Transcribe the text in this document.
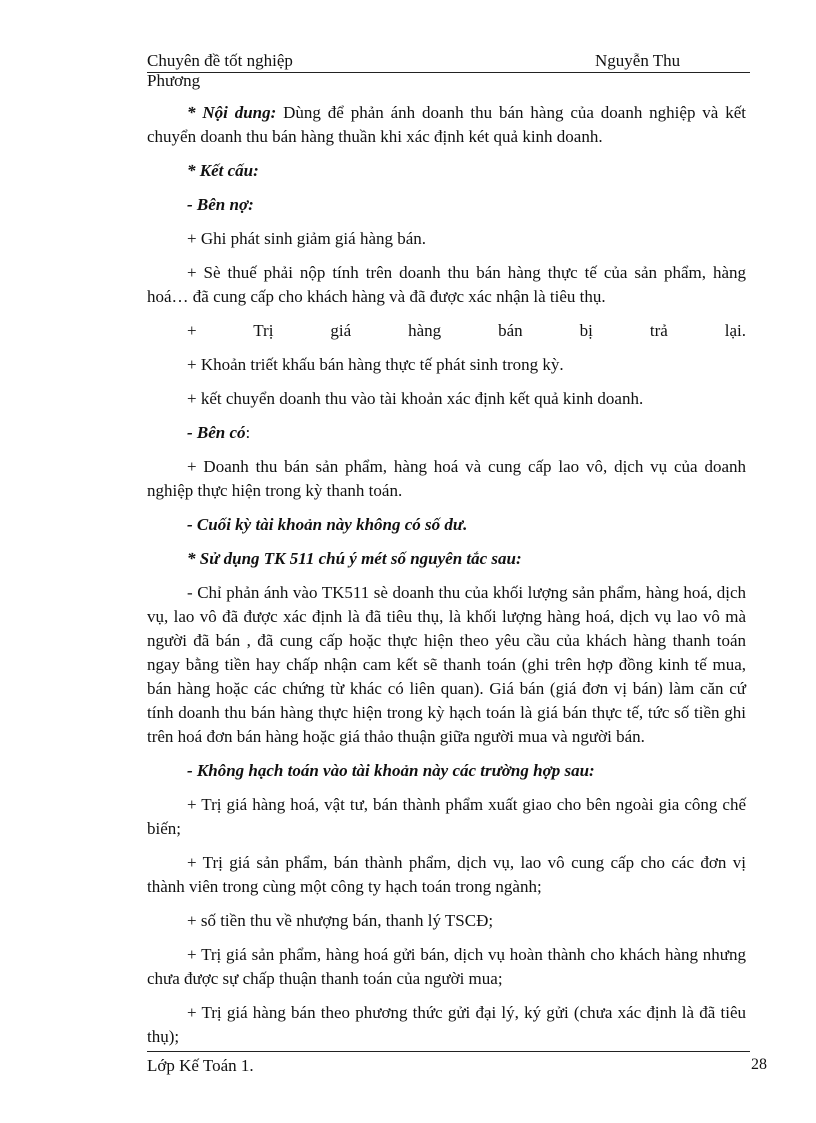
Chuyên đề tốt nghiệp	Nguyễn Thu
Phương

* Nội dung: Dùng để phản ánh doanh thu bán hàng của doanh nghiệp và kết chuyển doanh thu bán hàng thuần khi xác định két quả kinh doanh.

* Kết cấu:

- Bên nợ:

+ Ghi phát sinh giảm giá hàng bán.

+ Sè thuế phải nộp tính trên doanh thu bán hàng thực tế của sản phẩm, hàng hoá… đã cung cấp cho khách hàng và đã được xác nhận là tiêu thụ.

+ Trị giá hàng bán bị trả lại.

+ Khoản triết khấu bán hàng thực tế phát sinh trong kỳ.

+ kết chuyển doanh thu vào tài khoản xác định kết quả kinh doanh.

- Bên có:

+ Doanh thu bán sản phẩm, hàng hoá và cung cấp lao vô, dịch vụ của doanh nghiệp thực hiện trong kỳ thanh toán.

- Cuối kỳ tài khoản này không có số dư.

* Sử dụng TK 511 chú ý mét số nguyên tắc sau:

- Chỉ phản ánh vào TK511 sè doanh thu của khối lượng sản phẩm, hàng hoá, dịch vụ, lao vô đã được xác định là đã tiêu thụ, là khối lượng hàng hoá, dịch vụ lao vô mà người đã bán , đã cung cấp hoặc thực hiện theo yêu cầu của khách hàng thanh toán ngay bằng tiền hay chấp nhận cam kết sẽ thanh toán (ghi trên hợp đồng kinh tế mua, bán hàng hoặc các chứng từ khác có liên quan). Giá bán (giá đơn vị bán) làm căn cứ tính doanh thu bán hàng thực hiện trong kỳ hạch toán là giá bán thực tế, tức số tiền ghi trên hoá đơn bán hàng hoặc giá thảo thuận giữa người mua và người bán.

- Không hạch toán vào tài khoản này các trường hợp sau:

+ Trị giá hàng hoá, vật tư, bán thành phẩm xuất giao cho bên ngoài gia công chế biến;

+ Trị giá sản phẩm, bán thành phẩm, dịch vụ, lao vô cung cấp cho các đơn vị thành viên trong cùng một công ty hạch toán trong ngành;

+ số tiền thu về nhượng bán, thanh lý TSCĐ;

+ Trị giá sản phẩm, hàng hoá gửi bán, dịch vụ hoàn thành cho khách hàng nhưng chưa được sự chấp thuận thanh toán của người mua;

+ Trị giá hàng bán theo phương thức gửi đại lý, ký gửi (chưa xác định là đã tiêu thụ);

Lớp Kế Toán 1.	28
